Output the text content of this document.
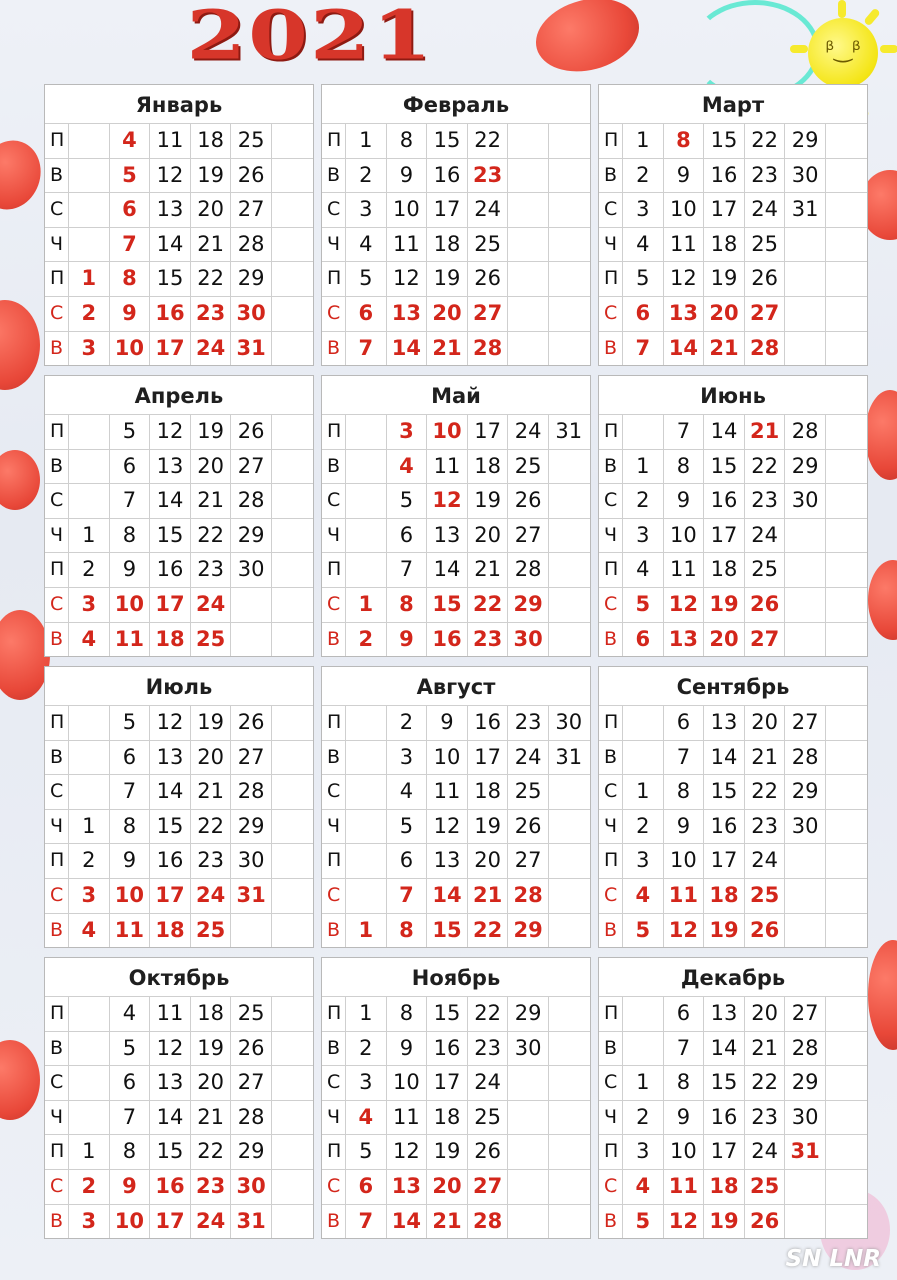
ᵝ‿ᵝ
2021
Январь
П	4 11 18 25
В	5 12 19 26
С	6 13 20 27
Ч	7 14 21 28
П 1	8 15 22 29
С 2	9 16 23 30
В 3 10 17 24 31
Февраль
П 1	8 15 22
В 2	9 16 23
С 3 10 17 24
Ч 4 11 18 25
П 5 12 19 26
С 6 13 20 27
В 7 14 21 28
Март
П 1	8 15 22 29
В 2	9 16 23 30
С 3 10 17 24 31
Ч 4 11 18 25
П 5 12 19 26
С 6 13 20 27
В 7 14 21 28
Апрель
П	5 12 19 26
В	6 13 20 27
С	7 14 21 28
Ч 1	8 15 22 29
П 2	9 16 23 30
С 3 10 17 24
В 4 11 18 25
Май
П	3 10 17 24 31
В	4 11 18 25
С	5 12 19 26
Ч	6 13 20 27
П	7 14 21 28
С 1	8 15 22 29
В 2	9 16 23 30
Июнь
П	7 14 21 28
В 1	8 15 22 29
С 2	9 16 23 30
Ч 3 10 17 24
П 4 11 18 25
С 5 12 19 26
В 6 13 20 27
Июль
П	5 12 19 26
В	6 13 20 27
С	7 14 21 28
Ч 1	8 15 22 29
П 2	9 16 23 30
С 3 10 17 24 31
В 4 11 18 25
Август
П	2	9 16 23 30
В	3 10 17 24 31
С	4 11 18 25
Ч	5 12 19 26
П	6 13 20 27
С	7 14 21 28
В 1	8 15 22 29
Сентябрь
П	6 13 20 27
В	7 14 21 28
С 1	8 15 22 29
Ч 2	9 16 23 30
П 3 10 17 24
С 4 11 18 25
В 5 12 19 26
Октябрь
П	4 11 18 25
В	5 12 19 26
С	6 13 20 27
Ч	7 14 21 28
П 1	8 15 22 29
С 2	9 16 23 30
В 3 10 17 24 31
Ноябрь
П 1	8 15 22 29
В 2	9 16 23 30
С 3 10 17 24
Ч 4 11 18 25
П 5 12 19 26
С 6 13 20 27
В 7 14 21 28
Декабрь
П	6 13 20 27
В	7 14 21 28
С 1	8 15 22 29
Ч 2	9 16 23 30
П 3 10 17 24 31
С 4 11 18 25
В 5 12 19 26
SN LNR
